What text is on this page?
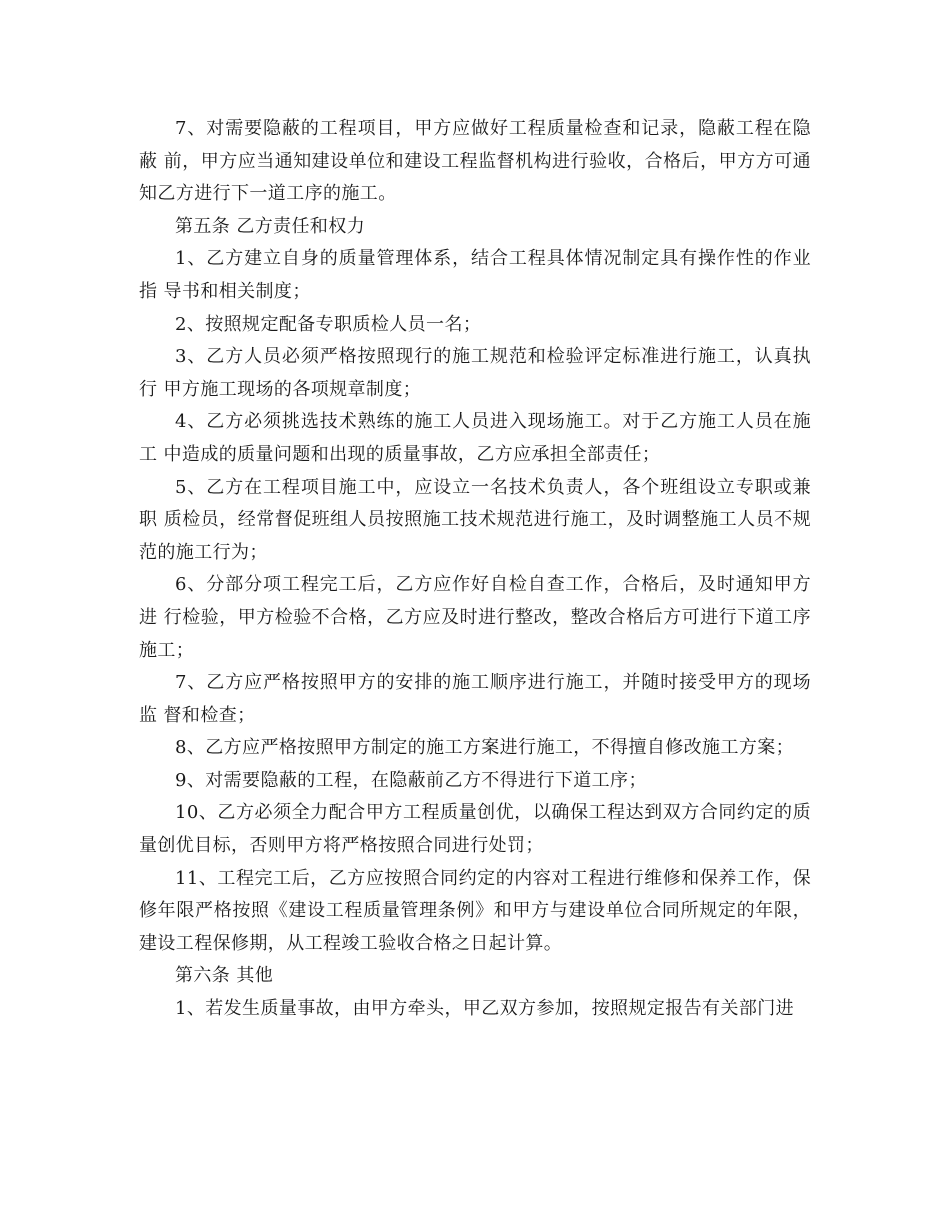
7、对需要隐蔽的工程项目，甲方应做好工程质量检查和记录，隐蔽工程在隐蔽 前，甲方应当通知建设单位和建设工程监督机构进行验收，合格后，甲方方可通知乙方进行下一道工序的施工。

第五条 乙方责任和权力

1、乙方建立自身的质量管理体系，结合工程具体情况制定具有操作性的作业指 导书和相关制度；

2、按照规定配备专职质检人员一名；

3、乙方人员必须严格按照现行的施工规范和检验评定标准进行施工，认真执行 甲方施工现场的各项规章制度；

4、乙方必须挑选技术熟练的施工人员进入现场施工。对于乙方施工人员在施工 中造成的质量问题和出现的质量事故，乙方应承担全部责任；

5、乙方在工程项目施工中，应设立一名技术负责人，各个班组设立专职或兼职 质检员，经常督促班组人员按照施工技术规范进行施工，及时调整施工人员不规范的施工行为；

6、分部分项工程完工后，乙方应作好自检自查工作，合格后，及时通知甲方进 行检验，甲方检验不合格，乙方应及时进行整改，整改合格后方可进行下道工序施工；

7、乙方应严格按照甲方的安排的施工顺序进行施工，并随时接受甲方的现场监 督和检查；

8、乙方应严格按照甲方制定的施工方案进行施工，不得擅自修改施工方案；

9、对需要隐蔽的工程，在隐蔽前乙方不得进行下道工序；

10、乙方必须全力配合甲方工程质量创优，以确保工程达到双方合同约定的质量创优目标，否则甲方将严格按照合同进行处罚；

11、工程完工后，乙方应按照合同约定的内容对工程进行维修和保养工作，保修年限严格按照《建设工程质量管理条例》和甲方与建设单位合同所规定的年限，建设工程保修期，从工程竣工验收合格之日起计算。

第六条 其他

1、若发生质量事故，由甲方牵头，甲乙双方参加，按照规定报告有关部门进
